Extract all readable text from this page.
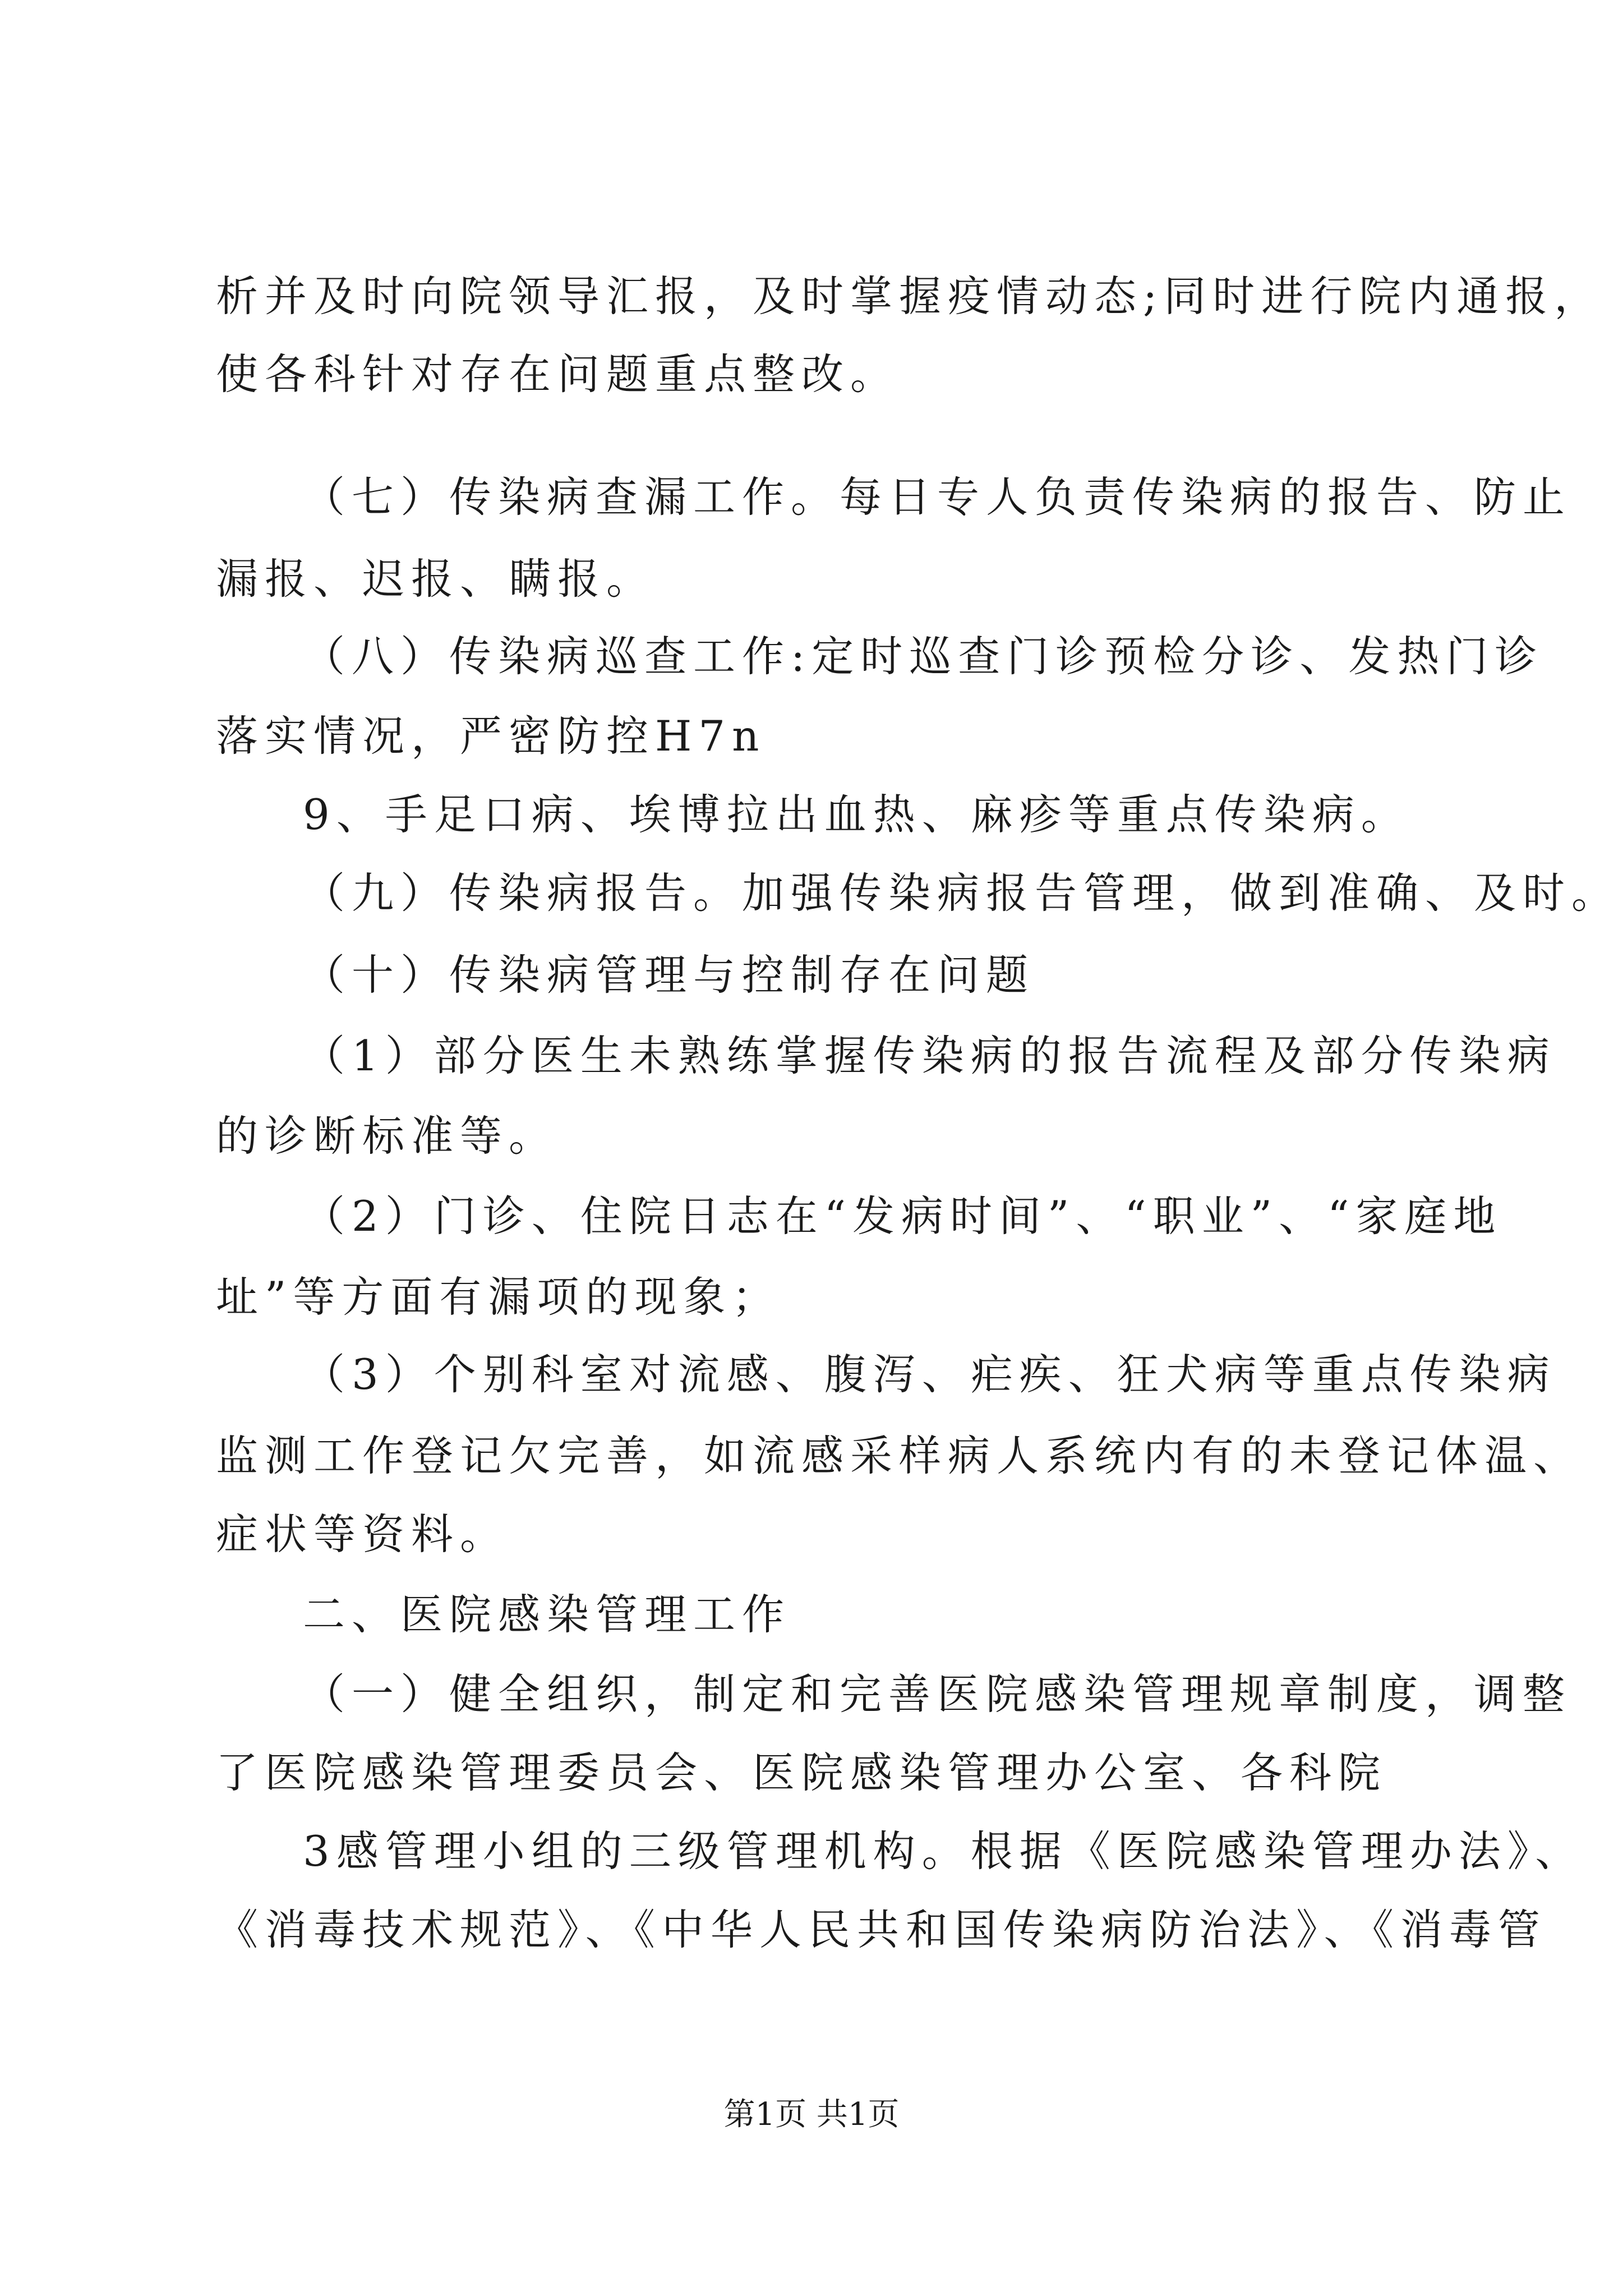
析并及时向院领导汇报，及时掌握疫情动态;同时进行院内通报，

使各科针对存在问题重点整改。

（七）传染病查漏工作。每日专人负责传染病的报告、防止

漏报、迟报、瞒报。

（八）传染病巡查工作:定时巡查门诊预检分诊、发热门诊

落实情况，严密防控H7n

9、手足口病、埃博拉出血热、麻疹等重点传染病。

（九）传染病报告。加强传染病报告管理，做到准确、及时。

（十）传染病管理与控制存在问题

（1）部分医生未熟练掌握传染病的报告流程及部分传染病

的诊断标准等。

（2）门诊、住院日志在“发病时间”、“职业”、“家庭地

址”等方面有漏项的现象；

（3）个别科室对流感、腹泻、疟疾、狂犬病等重点传染病

监测工作登记欠完善，如流感采样病人系统内有的未登记体温、

症状等资料。

二、医院感染管理工作

（一）健全组织，制定和完善医院感染管理规章制度，调整

了医院感染管理委员会、医院感染管理办公室、各科院

3感管理小组的三级管理机构。根据《医院感染管理办法》、

《消毒技术规范》、《中华人民共和国传染病防治法》、《消毒管

第1页 共1页
